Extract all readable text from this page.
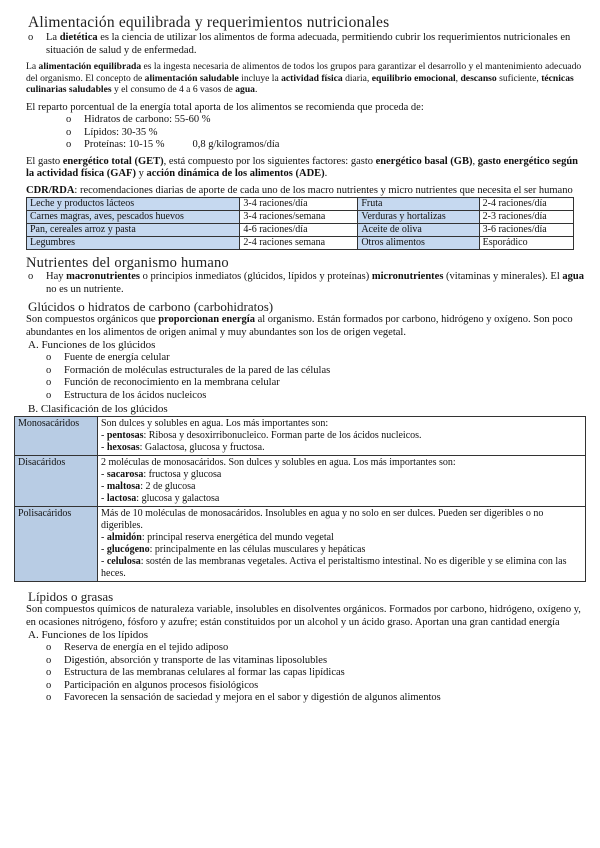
Alimentación equilibrada y requerimientos nutricionales
o La dietética es la ciencia de utilizar los alimentos de forma adecuada, permitiendo cubrir los requerimientos nutricionales en situación de salud y de enfermedad.

La alimentación equilibrada es la ingesta necesaria de alimentos de todos los grupos para garantizar el desarrollo y el mantenimiento adecuado del organismo. El concepto de alimentación saludable incluye la actividad física diaria, equilibrio emocional, descanso suficiente, técnicas culinarias saludables y el consumo de 4 a 6 vasos de agua.

El reparto porcentual de la energía total aporta de los alimentos se recomienda que proceda de:

o Hidratos de carbono: 55-60 %
o Lípidos: 30-35 %
o Proteínas: 10-15 %	0,8 g/kilogramos/día

El gasto energético total (GET), está compuesto por los siguientes factores: gasto energético basal (GB), gasto energético según la actividad física (GAF) y acción dinámica de los alimentos (ADE).

CDR/RDA: recomendaciones diarias de aporte de cada uno de los macro nutrientes y micro nutrientes que necesita el ser humano

Leche y productos lácteos	3-4 raciones/día	Fruta	2-4 raciones/día
Carnes magras, aves, pescados huevos	3-4 raciones/semana	Verduras y hortalizas	2-3 raciones/día
Pan, cereales arroz y pasta	4-6 raciones/día	Aceite de oliva	3-6 raciones/día
Legumbres	2-4 raciones semana	Otros alimentos	Esporádico
Nutrientes del organismo humano
o Hay macronutrientes o principios inmediatos (glúcidos, lípidos y proteínas) micronutrientes (vitaminas y minerales). El agua no es un nutriente.
Glúcidos o hidratos de carbono (carbohidratos)

Son compuestos orgánicos que proporcionan energía al organismo. Están formados por carbono, hidrógeno y oxígeno. Son poco abundantes en los alimentos de origen animal y muy abundantes son los de origen vegetal.

A. Funciones de los glúcidos

o Fuente de energía celular
o Formación de moléculas estructurales de la pared de las células
o Función de reconocimiento en la membrana celular
o Estructura de los ácidos nucleicos

B. Clasificación de los glúcidos

Monosacáridos	Son dulces y solubles en agua. Los más importantes son:
- pentosas: Ribosa y desoxirribonucleico. Forman parte de los ácidos nucleicos.
- hexosas: Galactosa, glucosa y fructosa.

Disacáridos	2 moléculas de monosacáridos. Son dulces y solubles en agua. Los más importantes son:
- sacarosa: fructosa y glucosa
- maltosa: 2 de glucosa
- lactosa: glucosa y galactosa

Polisacáridos	Más de 10 moléculas de monosacáridos. Insolubles en agua y no solo en ser dulces. Pueden ser digeribles o no digeribles.
- almidón: principal reserva energética del mundo vegetal
- glucógeno: principalmente en las células musculares y hepáticas
- celulosa: sostén de las membranas vegetales. Activa el peristaltismo intestinal. No es digerible y se elimina con las heces.
Lípidos o grasas

Son compuestos químicos de naturaleza variable, insolubles en disolventes orgánicos. Formados por carbono, hidrógeno, oxígeno y, en ocasiones nitrógeno, fósforo y azufre; están constituidos por un alcohol y un ácido graso. Aportan una gran cantidad energía

A. Funciones de los lípidos

o Reserva de energía en el tejido adiposo
o Digestión, absorción y transporte de las vitaminas liposolubles
o Estructura de las membranas celulares al formar las capas lipídicas
o Participación en algunos procesos fisiológicos
o Favorecen la sensación de saciedad y mejora en el sabor y digestión de algunos alimentos
